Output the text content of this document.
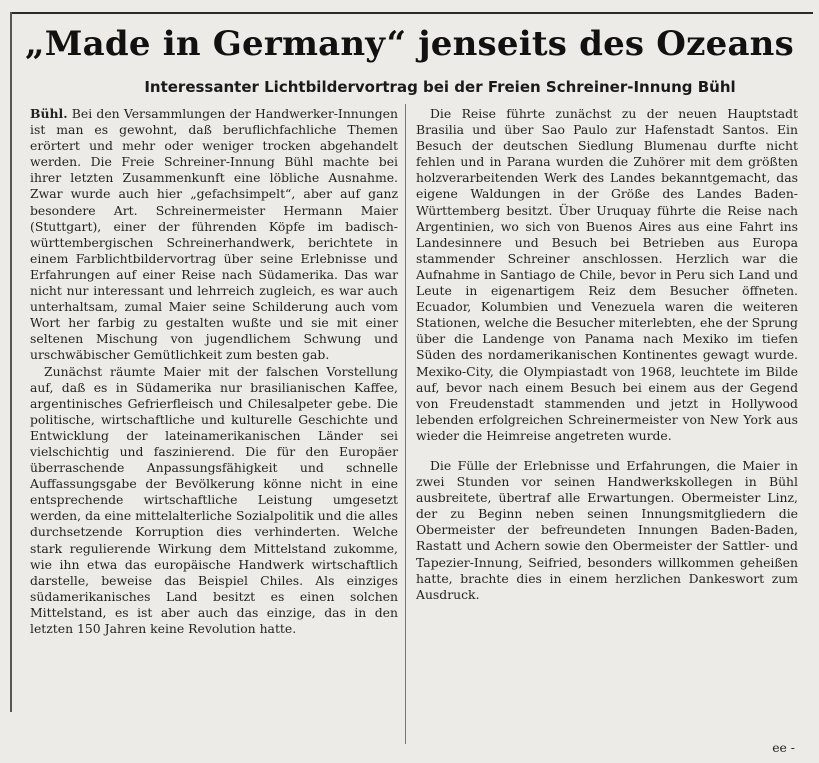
„Made in Germany“ jenseits des Ozeans
Interessanter Lichtbildervortrag bei der Freien Schreiner-Innung Bühl

Bühl. Bei den Versammlungen der Handwerker-Innungen ist man es gewohnt, daß beruflichfachliche Themen erörtert und mehr oder weniger trocken abgehandelt werden. Die Freie Schreiner-Innung Bühl machte bei ihrer letzten Zusammenkunft eine löbliche Ausnahme. Zwar wurde auch hier „gefachsimpelt“, aber auf ganz besondere Art. Schreinermeister Hermann Maier (Stuttgart), einer der führenden Köpfe im badisch-württembergischen Schreinerhandwerk, berichtete in einem Farblichtbildervortrag über seine Erlebnisse und Erfahrungen auf einer Reise nach Südamerika. Das war nicht nur interessant und lehrreich zugleich, es war auch unterhaltsam, zumal Maier seine Schilderung auch vom Wort her farbig zu gestalten wußte und sie mit einer seltenen Mischung von jugendlichem Schwung und urschwäbischer Gemütlichkeit zum besten gab.

Zunächst räumte Maier mit der falschen Vorstellung auf, daß es in Südamerika nur brasilianischen Kaffee, argentinisches Gefrierfleisch und Chilesalpeter gebe. Die politische, wirtschaftliche und kulturelle Geschichte und Entwicklung der lateinamerikanischen Länder sei vielschichtig und faszinierend. Die für den Europäer überraschende Anpassungsfähigkeit und schnelle Auffassungsgabe der Bevölkerung könne nicht in eine entsprechende wirtschaftliche Leistung umgesetzt werden, da eine mittelalterliche Sozialpolitik und die alles durchsetzende Korruption dies verhinderten. Welche stark regulierende Wirkung dem Mittelstand zukomme, wie ihn etwa das europäische Handwerk wirtschaftlich darstelle, beweise das Beispiel Chiles. Als einziges südamerikanisches Land besitzt es einen solchen Mittelstand, es ist aber auch das einzige, das in den letzten 150 Jahren keine Revolution hatte.

Die Reise führte zunächst zu der neuen Hauptstadt Brasilia und über Sao Paulo zur Hafenstadt Santos. Ein Besuch der deutschen Siedlung Blumenau durfte nicht fehlen und in Parana wurden die Zuhörer mit dem größten holzverarbeitenden Werk des Landes bekanntgemacht, das eigene Waldungen in der Größe des Landes Baden-Württemberg besitzt. Über Uruquay führte die Reise nach Argentinien, wo sich von Buenos Aires aus eine Fahrt ins Landesinnere und Besuch bei Betrieben aus Europa stammender Schreiner anschlossen. Herzlich war die Aufnahme in Santiago de Chile, bevor in Peru sich Land und Leute in eigenartigem Reiz dem Besucher öffneten. Ecuador, Kolumbien und Venezuela waren die weiteren Stationen, welche die Besucher miterlebten, ehe der Sprung über die Landenge von Panama nach Mexiko im tiefen Süden des nordamerikanischen Kontinentes gewagt wurde. Mexiko-City, die Olympiastadt von 1968, leuchtete im Bilde auf, bevor nach einem Besuch bei einem aus der Gegend von Freudenstadt stammenden und jetzt in Hollywood lebenden erfolgreichen Schreinermeister von New York aus wieder die Heimreise angetreten wurde.

Die Fülle der Erlebnisse und Erfahrungen, die Maier in zwei Stunden vor seinen Handwerkskollegen in Bühl ausbreitete, übertraf alle Erwartungen. Obermeister Linz, der zu Beginn neben seinen Innungsmitgliedern die Obermeister der befreundeten Innungen Baden-Baden, Rastatt und Achern sowie den Obermeister der Sattler- und Tapezier-Innung, Seifried, besonders willkommen geheißen hatte, brachte dies in einem herzlichen Dankeswort zum Ausdruck.

ee -
